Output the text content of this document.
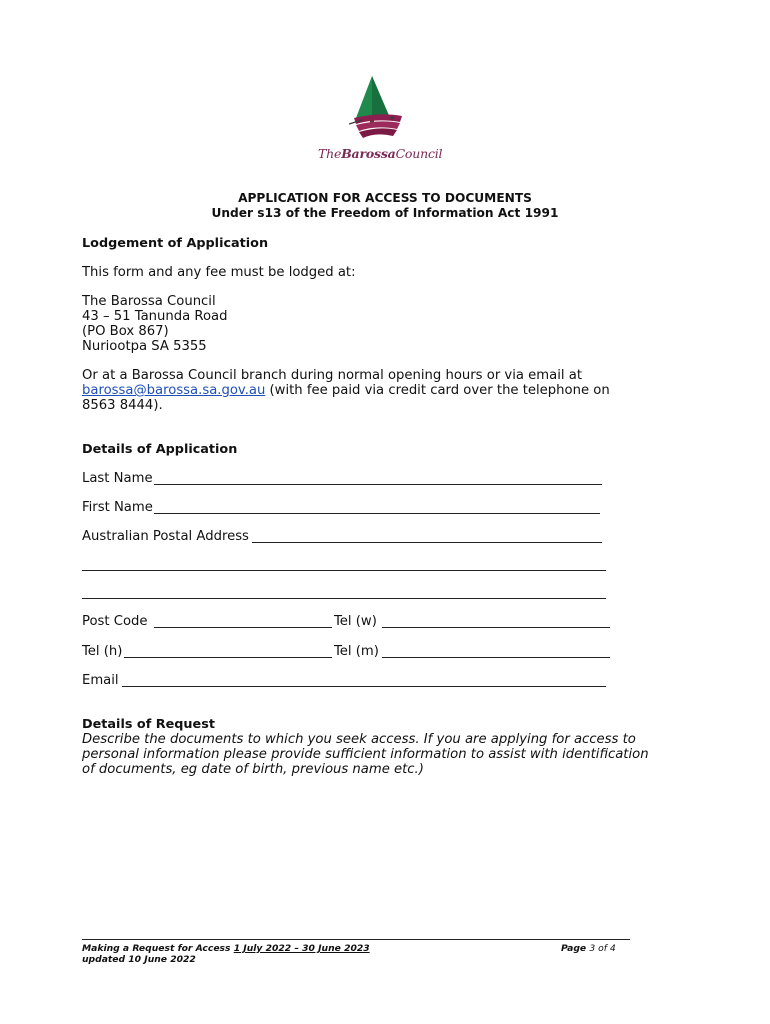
TheBarossaCouncil
APPLICATION FOR ACCESS TO DOCUMENTS
Under s13 of the Freedom of Information Act 1991
Lodgement of Application
This form and any fee must be lodged at:
The Barossa Council
43 – 51 Tanunda Road
(PO Box 867)
Nuriootpa SA 5355
Or at a Barossa Council branch during normal opening hours or via email at
barossa@barossa.sa.gov.au (with fee paid via credit card over the telephone on
8563 8444).
Details of Application
Last Name
First Name
Australian Postal Address
Post Code	Tel (w)
Tel (h)	Tel (m)
Email
Details of Request
Describe the documents to which you seek access. If you are applying for access to
personal information please provide sufficient information to assist with identification
of documents, eg date of birth, previous name etc.)
Making a Request for Access 1 July 2022 – 30 June 2023
updated 10 June 2022
Page 3 of 4
